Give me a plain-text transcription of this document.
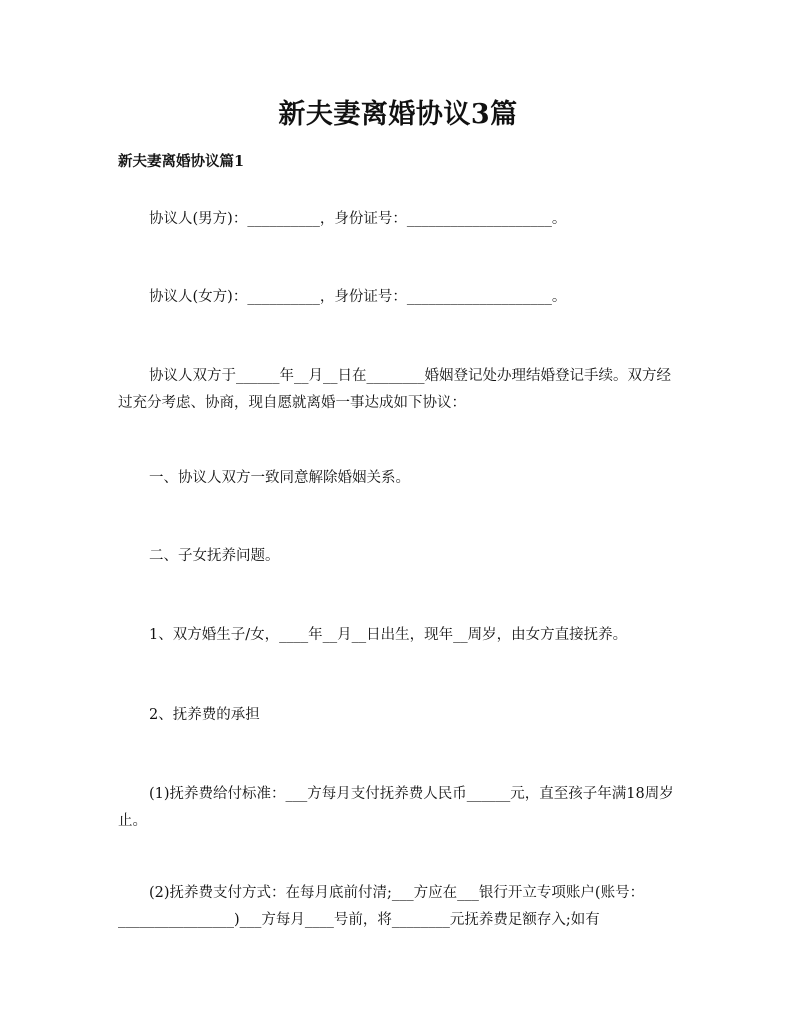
新夫妻离婚协议3篇
新夫妻离婚协议篇1
协议人(男方)：__________，身份证号：____________________。
协议人(女方)：__________，身份证号：____________________。
协议人双方于______年__月__日在________婚姻登记处办理结婚登记手续。双方经过充分考虑、协商，现自愿就离婚一事达成如下协议：
一、协议人双方一致同意解除婚姻关系。
二、子女抚养问题。
1、双方婚生子/女，____年__月__日出生，现年__周岁，由女方直接抚养。
2、抚养费的承担
(1)抚养费给付标准：___方每月支付抚养费人民币______元，直至孩子年满18周岁止。
(2)抚养费支付方式：在每月底前付清;___方应在___银行开立专项账户(账号：________________)___方每月____号前，将________元抚养费足额存入;如有
